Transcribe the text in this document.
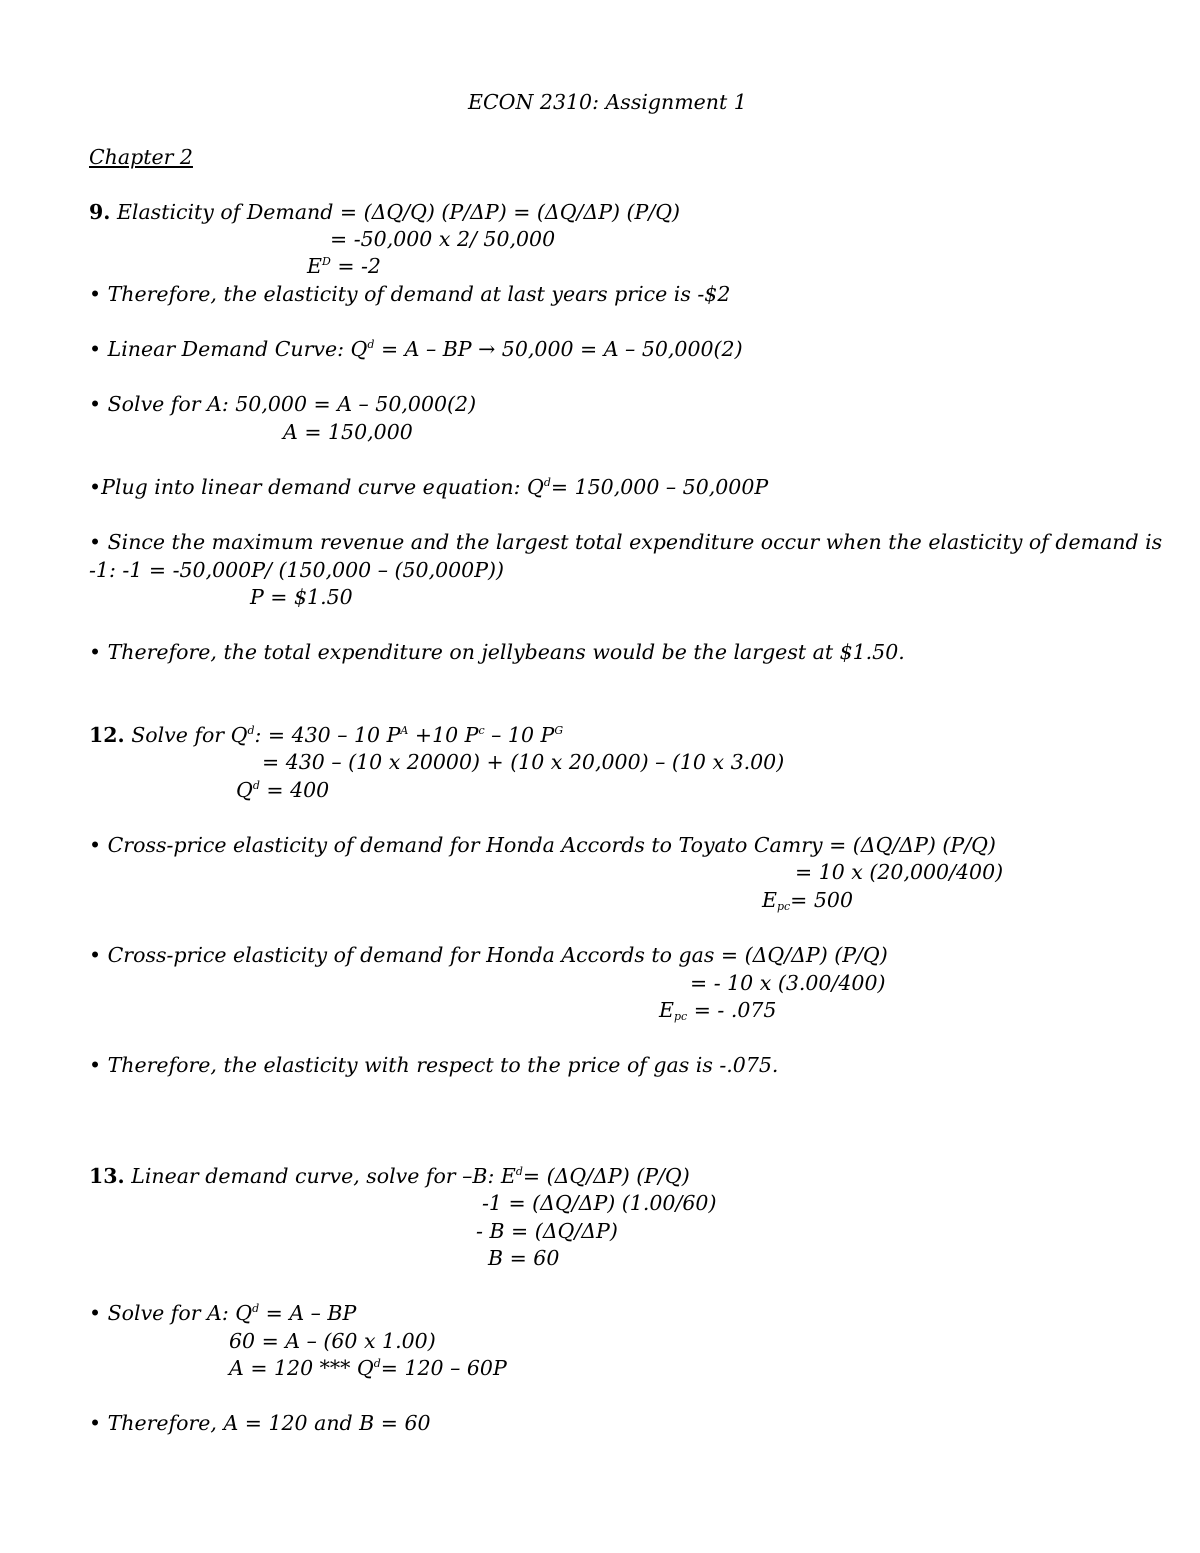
ECON 2310: Assignment 1
Chapter 2
9. Elasticity of Demand = (ΔQ/Q) (P/ΔP) = (ΔQ/ΔP) (P/Q)
= -50,000 x 2/ 50,000
$E^D = -2$
• Therefore, the elasticity of demand at last years price is -$2
• Linear Demand Curve: $Q^d = A$ – BP → 50,000 = A – 50,000(2)
• Solve for A: 50,000 = A – 50,000(2)
A = 150,000
•Plug into linear demand curve equation: $Q^d= 150,000 - 50,000P$
• Since the maximum revenue and the largest total expenditure occur when the elasticity of demand is
-1: -1 = -50,000P/ (150,000 – (50,000P))
P = $1.50
• Therefore, the total expenditure on jellybeans would be the largest at $1.50.
12. Solve for $Q^d$: = 430 – 10 $P^A +10$ $P^c - 10$ $P^G$
= 430 – (10 x 20000) + (10 x 20,000) – (10 x 3.00)
$Q^d = 400$
• Cross-price elasticity of demand for Honda Accords to Toyato Camry = (ΔQ/ΔP) (P/Q)
= 10 x (20,000/400)
$E_{pc}= 500$
• Cross-price elasticity of demand for Honda Accords to gas = (ΔQ/ΔP) (P/Q)
= - 10 x (3.00/400)
$E_{pc}$ = - .075
• Therefore, the elasticity with respect to the price of gas is -.075.
13. Linear demand curve, solve for –B: $E^d= (\Delta Q/\Delta P)$ (P/Q)
-1 = (ΔQ/ΔP) (1.00/60)
- B = (ΔQ/ΔP)
B = 60
• Solve for A: $Q^d = A$ – BP
60 = A – (60 x 1.00)
A = 120 *** $Q^d= 120 - 60P$
• Therefore, A = 120 and B = 60
